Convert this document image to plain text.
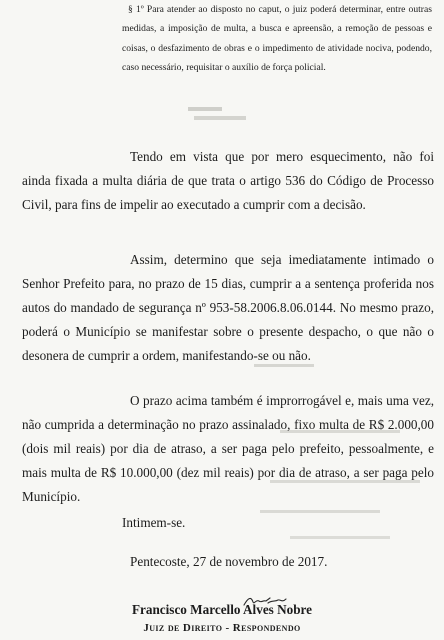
§ 1º Para atender ao disposto no caput, o juiz poderá determinar, entre outras medidas, a imposição de multa, a busca e apreensão, a remoção de pessoas e coisas, o desfazimento de obras e o impedimento de atividade nociva, podendo, caso necessário, requisitar o auxílio de força policial.

Tendo em vista que por mero esquecimento, não foi ainda fixada a multa diária de que trata o artigo 536 do Código de Processo Civil, para fins de impelir ao executado a cumprir com a decisão.

Assim, determino que seja imediatamente intimado o Senhor Prefeito para, no prazo de 15 dias, cumprir a a sentença proferida nos autos do mandado de segurança nº 953-58.2006.8.06.0144. No mesmo prazo, poderá o Município se manifestar sobre o presente despacho, o que não o desonera de cumprir a ordem, manifestando-se ou não.

O prazo acima também é improrrogável e, mais uma vez, não cumprida a determinação no prazo assinalado, fixo multa de R$ 2.000,00 (dois mil reais) por dia de atraso, a ser paga pelo prefeito, pessoalmente, e mais multa de R$ 10.000,00 (dez mil reais) por dia de atraso, a ser paga pelo Município.

Intimem-se.

Pentecoste, 27 de novembro de 2017.

Francisco Marcello Alves Nobre

Juiz de Direito - Respondendo
